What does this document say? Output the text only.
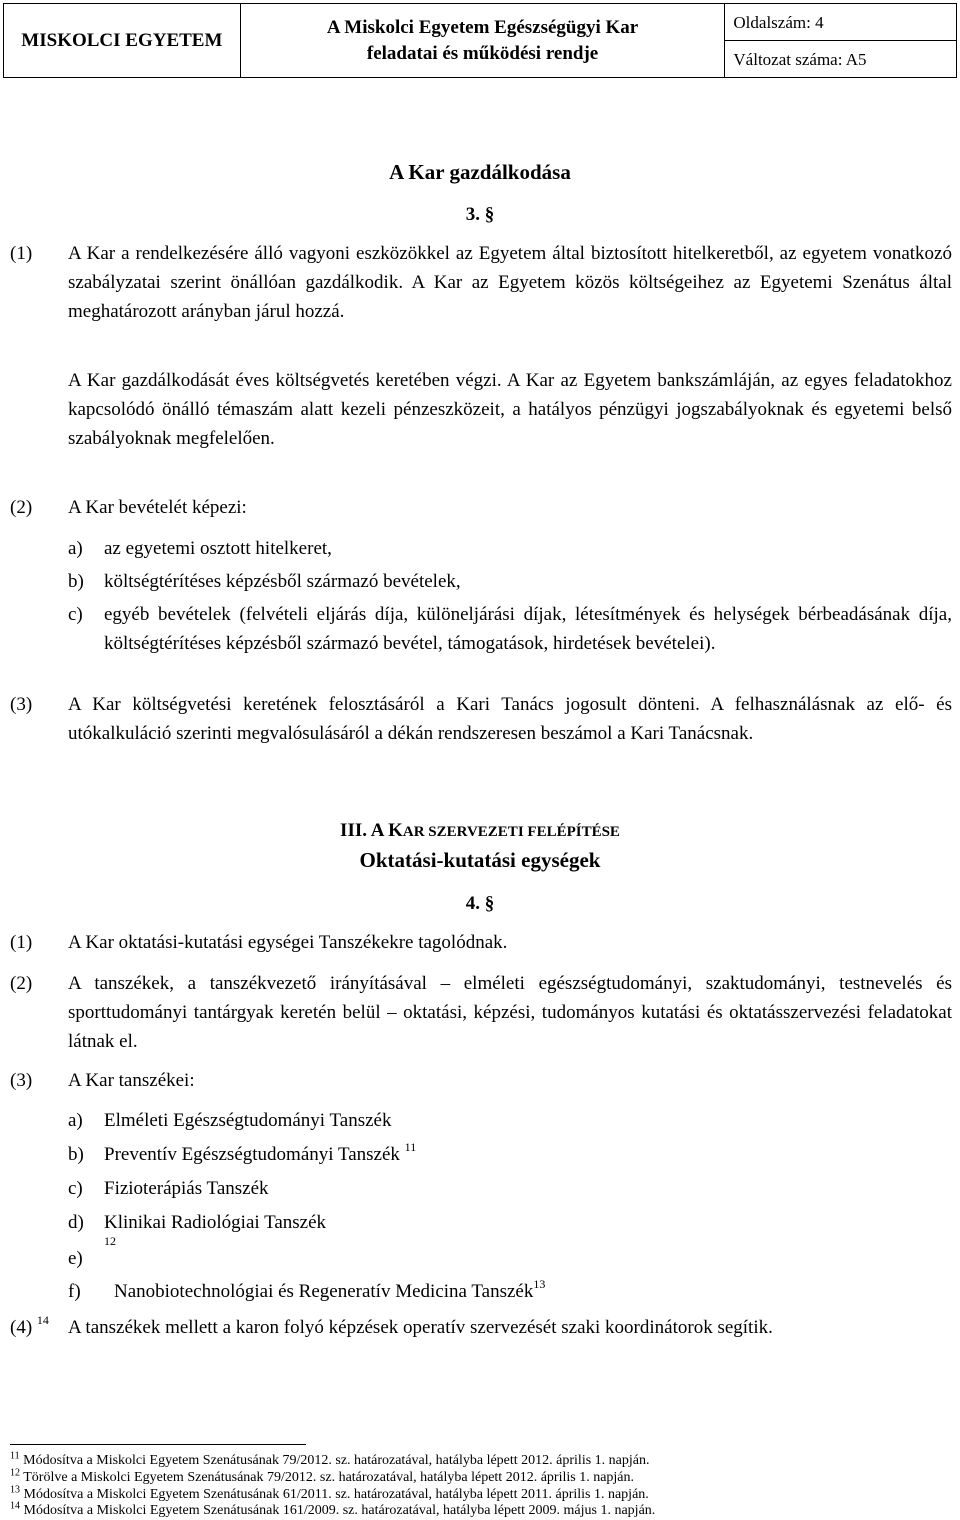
MISKOLCI EGYETEM	
A Miskolci Egyetem Egészségügyi Kar
feladatai és működési rendje
	Oldalszám: 4
Változat száma: A5
A Kar gazdálkodása
3. §
(1) A Kar a rendelkezésére álló vagyoni eszközökkel az Egyetem által biztosított hitelkeretből, az egyetem vonatkozó szabályzatai szerint önállóan gazdálkodik. A Kar az Egyetem közös költségeihez az Egyetemi Szenátus által meghatározott arányban járul hozzá.
A Kar gazdálkodását éves költségvetés keretében végzi. A Kar az Egyetem bankszámláján, az egyes feladatokhoz kapcsolódó önálló témaszám alatt kezeli pénzeszközeit, a hatályos pénzügyi jogszabályoknak és egyetemi belső szabályoknak megfelelően.
(2) A Kar bevételét képezi:
a) az egyetemi osztott hitelkeret,
b) költségtérítéses képzésből származó bevételek,
c) egyéb bevételek (felvételi eljárás díja, különeljárási díjak, létesítmények és helységek bérbeadásának díja, költségtérítéses képzésből származó bevétel, támogatások, hirdetések bevételei).
(3) A Kar költségvetési keretének felosztásáról a Kari Tanács jogosult dönteni. A felhasználásnak az elő- és utókalkuláció szerinti megvalósulásáról a dékán rendszeresen beszámol a Kari Tanácsnak.
III. A KAR SZERVEZETI FELÉPÍTÉSE
Oktatási-kutatási egységek
4. §
(1) A Kar oktatási-kutatási egységei Tanszékekre tagolódnak.
(2) A tanszékek, a tanszékvezető irányításával – elméleti egészségtudományi, szaktudományi, testnevelés és sporttudományi tantárgyak keretén belül – oktatási, képzési, tudományos kutatási és oktatásszervezési feladatokat látnak el.
(3) A Kar tanszékei:
a) Elméleti Egészségtudományi Tanszék
b) Preventív Egészségtudományi Tanszék $^{11}$
c) Fizioterápiás Tanszék
d) Klinikai Radiológiai Tanszék
e)
$^{12}$
f) Nanobiotechnológiai és Regeneratív Medicina Tanszék$^{13}$
(4) $^{14}$ A tanszékek mellett a karon folyó képzések operatív szervezését szaki koordinátorok segítik.
$^{11}$ Módosítva a Miskolci Egyetem Szenátusának 79/2012. sz. határozatával, hatályba lépett 2012. április 1. napján.
$^{12}$ Törölve a Miskolci Egyetem Szenátusának 79/2012. sz. határozatával, hatályba lépett 2012. április 1. napján.
$^{13}$ Módosítva a Miskolci Egyetem Szenátusának 61/2011. sz. határozatával, hatályba lépett 2011. április 1. napján.
$^{14}$ Módosítva a Miskolci Egyetem Szenátusának 161/2009. sz. határozatával, hatályba lépett 2009. május 1. napján.
